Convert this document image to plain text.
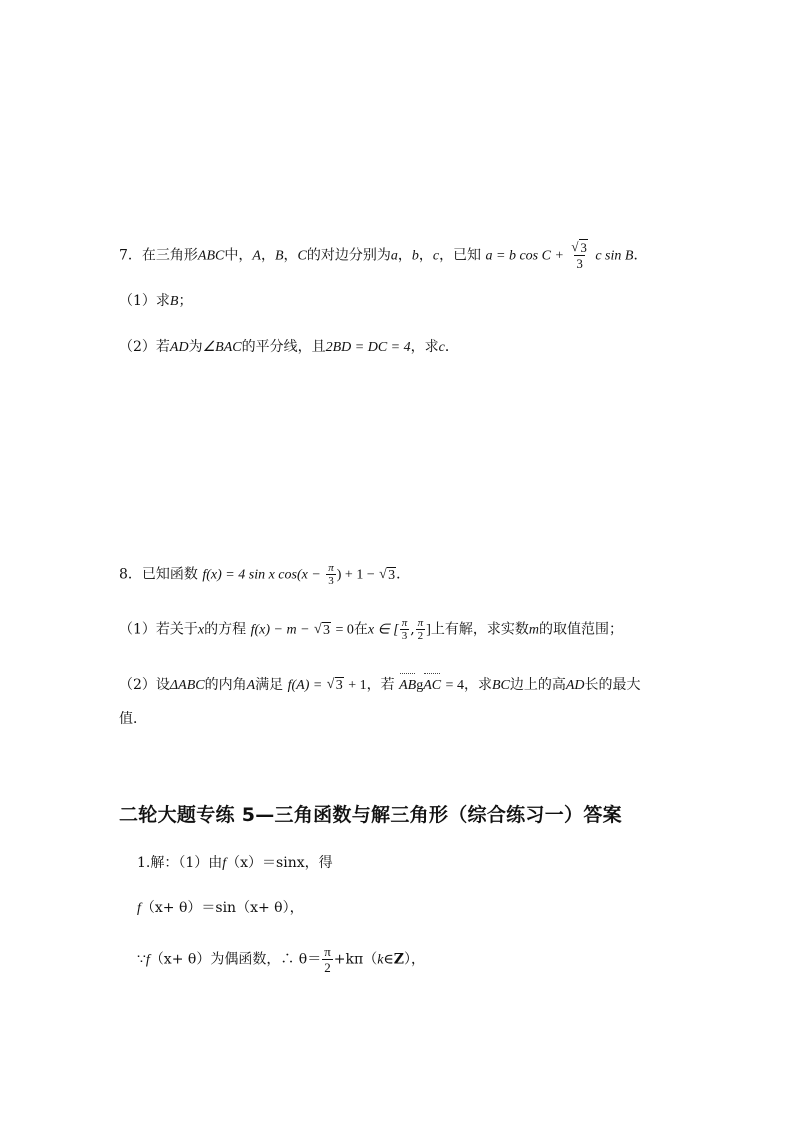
7．在三角形ABC中，A，B，C的对边分别为a，b，c，已知 a = b cos C + √ $\frac{3}{3}$ c sin B．
（1）求B；
（2）若AD为∠BAC的平分线，且2BD = DC = 4，求c．
8．已知函数 f(x) = 4 sin x $\cos(x - \frac{\pi}{3}$ ) + 1 − √ 3．
（1）若关于x的方程 f(x) − m − √ 3 = 0在x ∈ [ $\frac{\pi}{3}$ , $\frac{\pi}{2}$ ]上有解，求实数m的取值范围；
（2）设ΔABC的内角A满足 f(A) = √ 3 + 1，若 ABgAC = 4，求BC边上的高AD长的最大
值．
二轮大题专练 5—三角函数与解三角形（综合练习一）答案
1.解：（1）由f（x）＝sinx，得
f（x+ θ）＝sin（x+ θ），
∵f（x+ θ）为偶函数，∴ $\theta= \frac{\pi}{2}$ +kπ（k∈Z），
